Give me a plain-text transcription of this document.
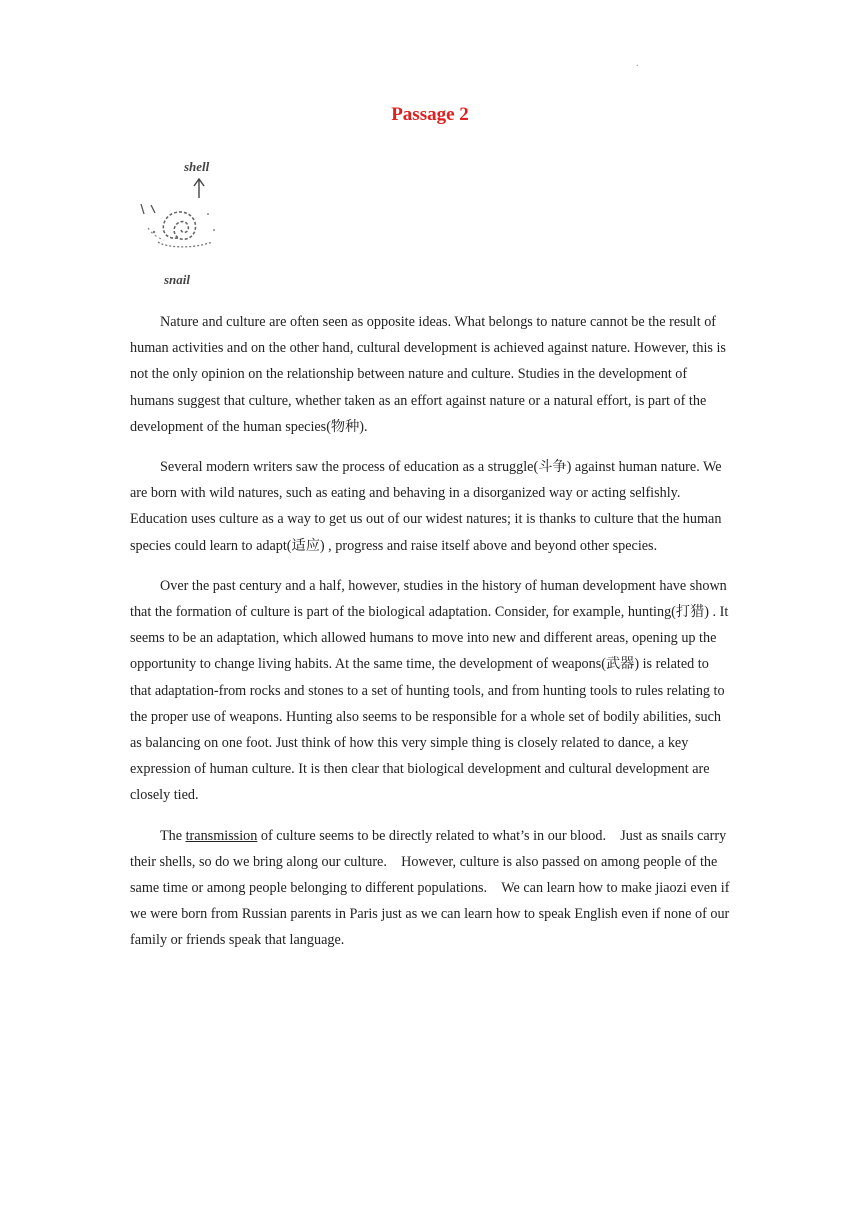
.
Passage 2
shell
snail

Nature and culture are often seen as opposite ideas. What belongs to nature cannot be the result of human activities and on the other hand, cultural development is achieved against nature. However, this is not the only opinion on the relationship between nature and culture. Studies in the development of humans suggest that culture, whether taken as an effort against nature or a natural effort, is part of the development of the human species(物种).

Several modern writers saw the process of education as a struggle(斗争) against human nature. We are born with wild natures, such as eating and behaving in a disorganized way or acting selfishly. Education uses culture as a way to get us out of our widest natures; it is thanks to culture that the human species could learn to adapt(适应) , progress and raise itself above and beyond other species.

Over the past century and a half, however, studies in the history of human development have shown that the formation of culture is part of the biological adaptation. Consider, for example, hunting(打猎) . It seems to be an adaptation, which allowed humans to move into new and different areas, opening up the opportunity to change living habits. At the same time, the development of weapons(武器) is related to that adaptation-from rocks and stones to a set of hunting tools, and from hunting tools to rules relating to the proper use of weapons. Hunting also seems to be responsible for a whole set of bodily abilities, such as balancing on one foot. Just think of how this very simple thing is closely related to dance, a key expression of human culture. It is then clear that biological development and cultural development are closely tied.

The transmission of culture seems to be directly related to what’s in our blood.　Just as snails carry their shells, so do we bring along our culture.　However, culture is also passed on among people of the same time or among people belonging to different populations.　We can learn how to make jiaozi even if we were born from Russian parents in Paris just as we can learn how to speak English even if none of our family or friends speak that language.
